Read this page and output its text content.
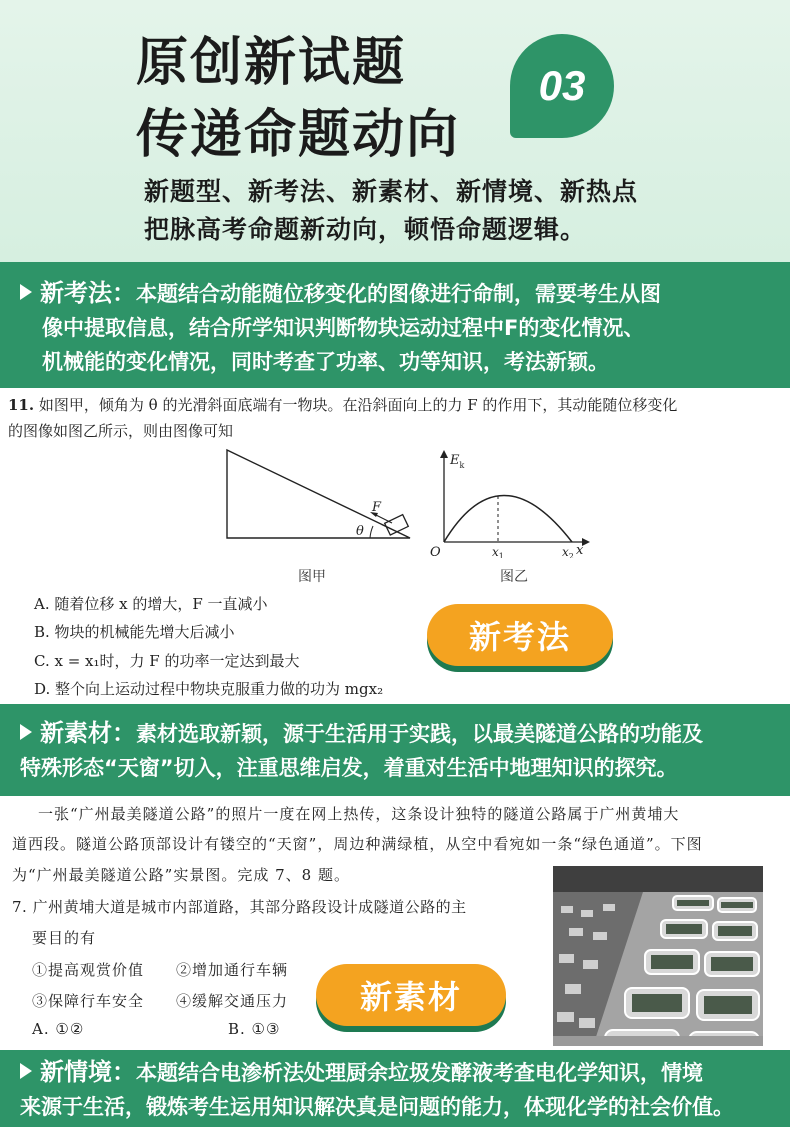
原创新试题
传递命题动向
03
新题型、新考法、新素材、新情境、新热点
把脉高考命题新动向，顿悟命题逻辑。
新考法：本题结合动能随位移变化的图像进行命制，需要考生从图
像中提取信息，结合所学知识判断物块运动过程中F的变化情况、
机械能的变化情况，同时考查了功率、功等知识，考法新颖。
11. 如图甲，倾角为 θ 的光滑斜面底端有一物块。在沿斜面向上的力 F 的作用下，其动能随位移变化
的图像如图乙所示，则由图像可知
F
θ
图甲
$E_k$
O	$x_1$	$x_2$ x
图乙
A. 随着位移 x 的增大，F 一直减小
B. 物块的机械能先增大后减小
C. x = x₁时，力 F 的功率一定达到最大
D. 整个向上运动过程中物块克服重力做的功为 mgx₂
新考法
新素材：素材选取新颖，源于生活用于实践，以最美隧道公路的功能及
特殊形态“天窗”切入，注重思维启发，着重对生活中地理知识的探究。
一张“广州最美隧道公路”的照片一度在网上热传，这条设计独特的隧道公路属于广州黄埔大
道西段。隧道公路顶部设计有镂空的“天窗”，周边种满绿植，从空中看宛如一条“绿色通道”。下图
为“广州最美隧道公路”实景图。完成 7、8 题。
7. 广州黄埔大道是城市内部道路，其部分路段设计成隧道公路的主
要目的有
①提高观赏价值 ②增加通行车辆
③保障行车安全 ④缓解交通压力
A. ①②	B. ①③
新素材
新情境：本题结合电渗析法处理厨余垃圾发酵液考查电化学知识，情境
来源于生活，锻炼考生运用知识解决真是问题的能力，体现化学的社会价值。
